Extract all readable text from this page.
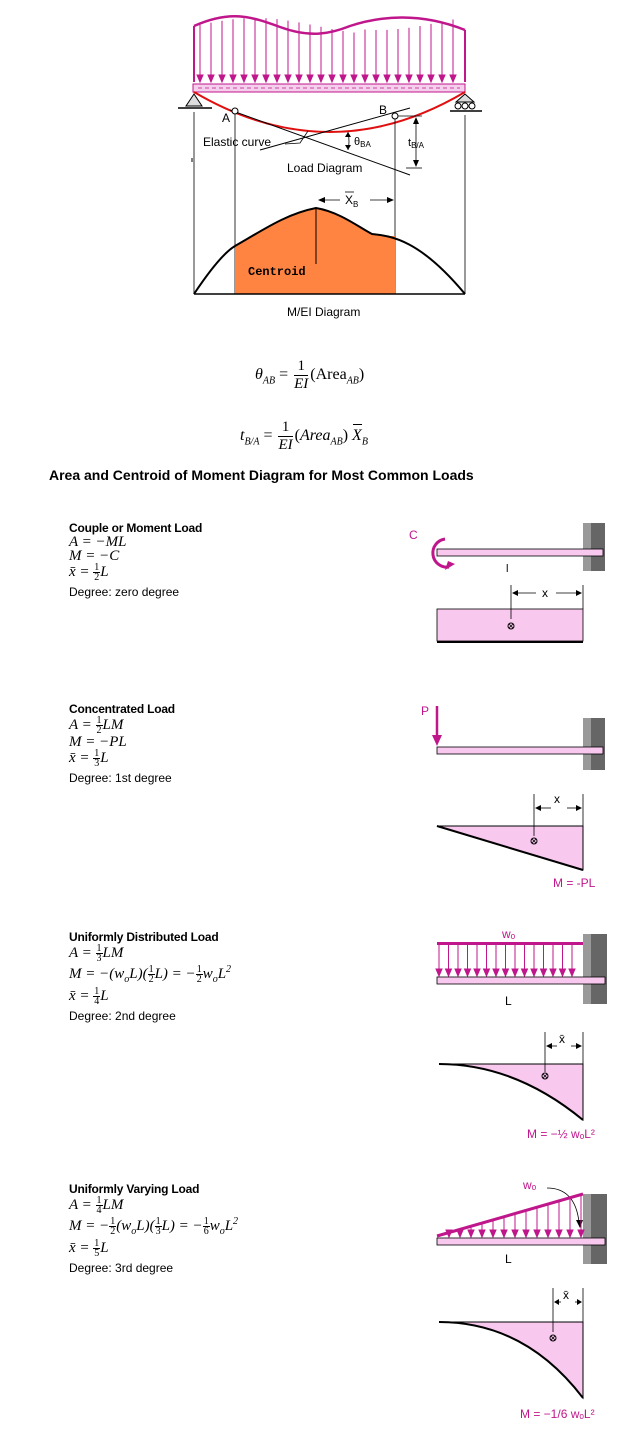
A
B
Elastic curve	θBA	tB/A
Load Diagram
$X_B$
Centroid
M/EI Diagram
$\theta_{AB} = \frac{1}{EI}$ (Area$_{AB}$)
$t_{B/A} = \frac{1}{EI}$ (Area$_{AB}$) X
$_B$
Area and Centroid of Moment Diagram for Most Common Loads
Couple or Moment Load
A = −ML
M = −C
x̄ = $\frac{1}{2}$ L
Degree: zero degree
C
l
x
Concentrated Load
$A = \frac{1}{2}$ LM
M = −PL
x̄ = $\frac{1}{3}$ L
Degree: 1st degree
P
x
M = -PL
Uniformly Distributed Load
$A = \frac{1}{3}$ LM
$M = -(w_oL)( \frac{1}{2} L)$ = − $\frac{1}{2} w_oL^2$
x̄ = $\frac{1}{4}$ L
Degree: 2nd degree
wₒ
L
x̄
M = −½ wₒL²
Uniformly Varying Load
$A = \frac{1}{4}$ LM
M = − $\frac{1}{2} (w_oL)( \frac{1}{3} L)$ = − $\frac{1}{6} w_oL^2$
x̄ = $\frac{1}{5}$ L
Degree: 3rd degree
wₒ
L
x̄
M = −1/6 wₒL²
